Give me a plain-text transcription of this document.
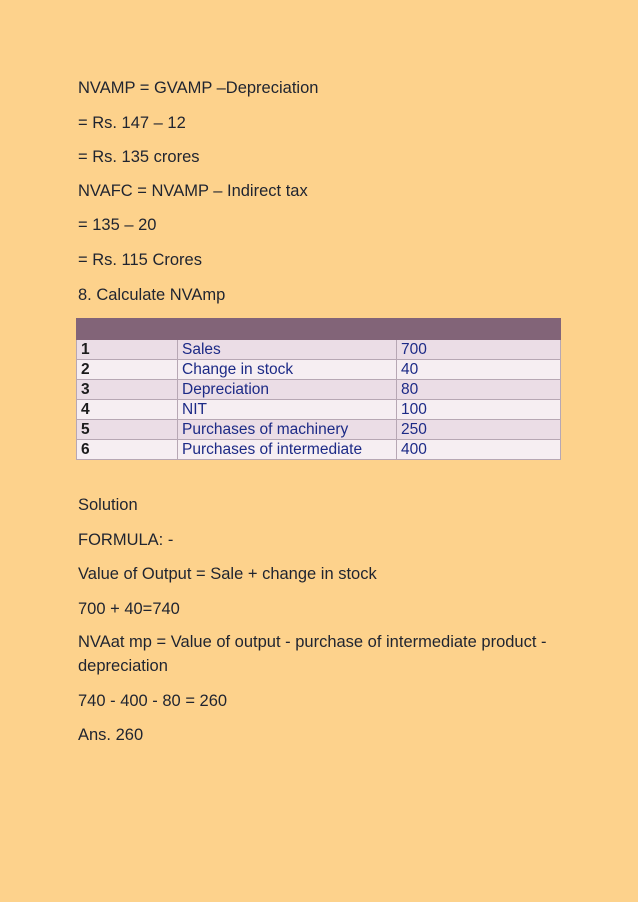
NVAMP = GVAMP –Depreciation
= Rs. 147 – 12
= Rs. 135 crores
NVAFC = NVAMP – Indirect tax
= 135 – 20
= Rs. 115 Crores
8. Calculate NVAmp

1	Sales	700
2	Change in stock	40
3	Depreciation	80
4	NIT	100
5	Purchases of machinery	250
6	Purchases of intermediate	400
Solution
FORMULA: -
Value of Output = Sale + change in stock
700 + 40=740
NVAat mp = Value of output - purchase of intermediate product - depreciation
740 - 400 - 80 = 260
Ans. 260
